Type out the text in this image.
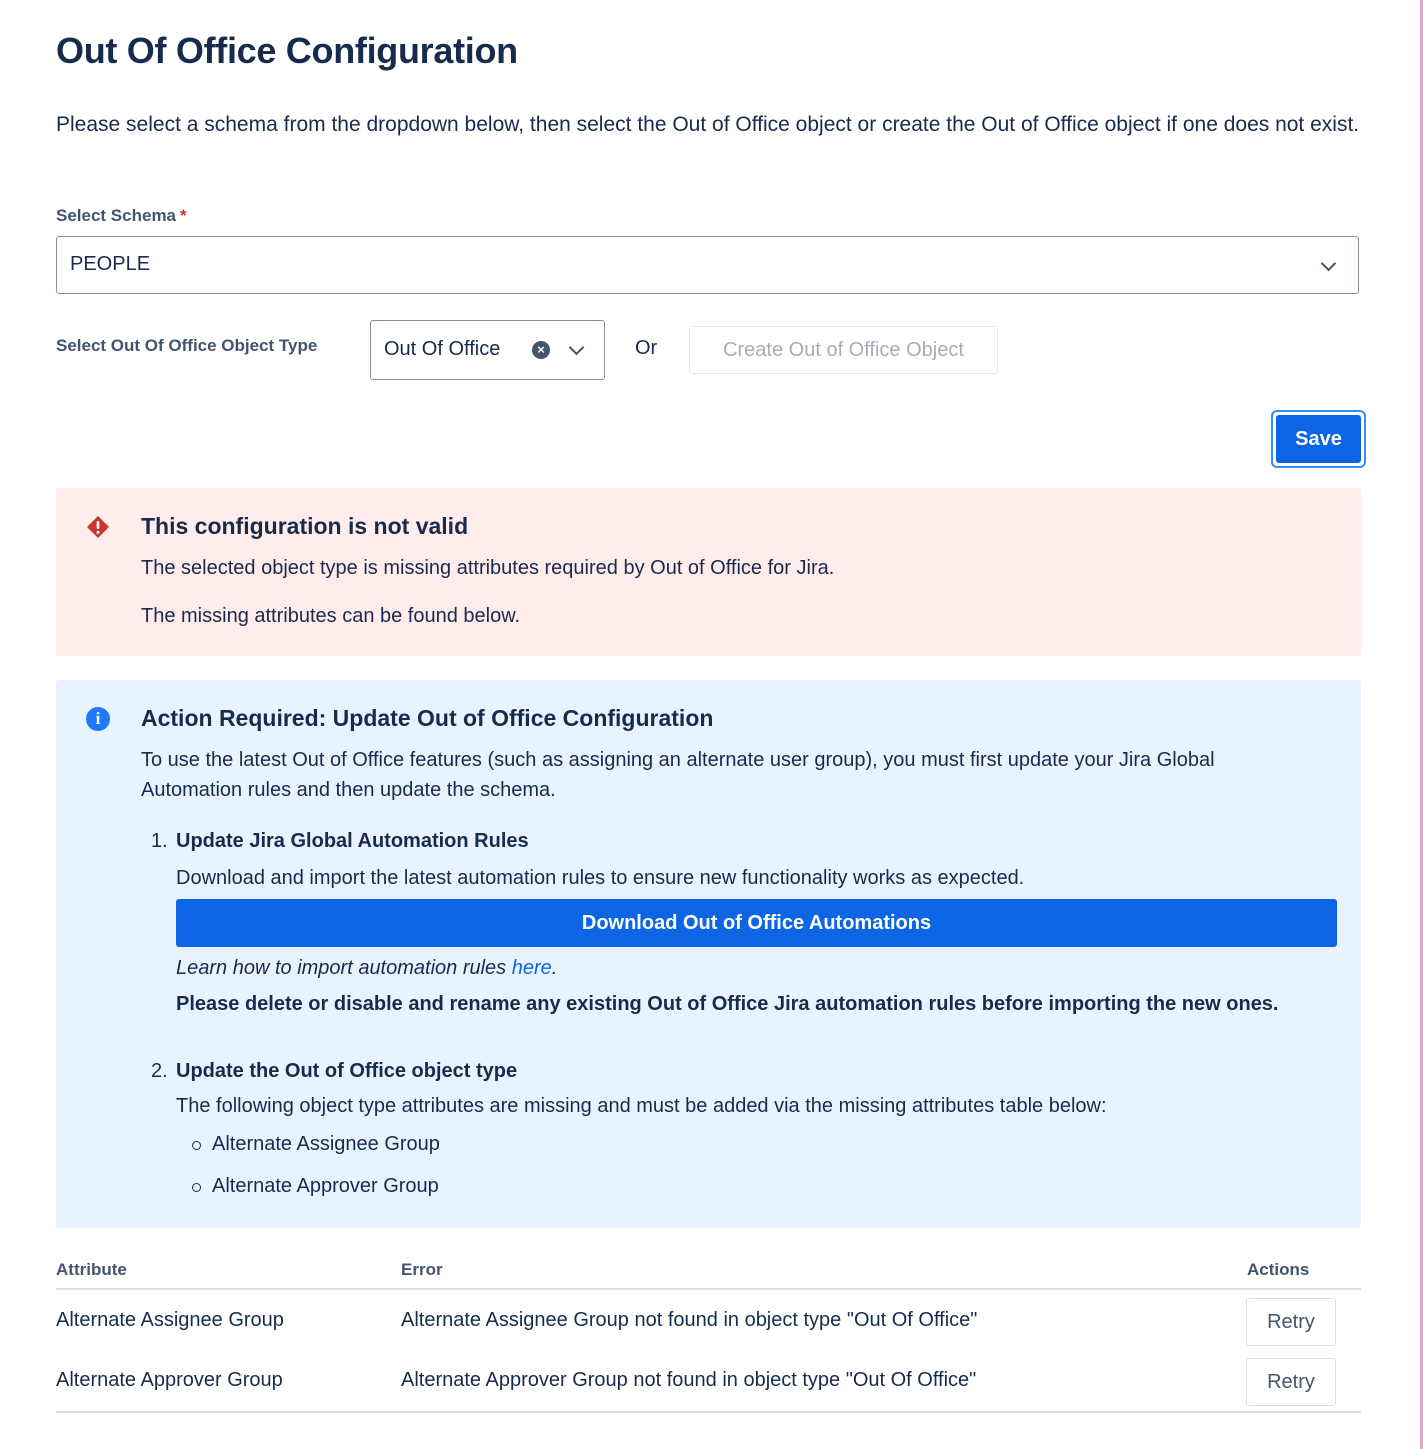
Out Of Office Configuration

Please select a schema from the dropdown below, then select the Out of Office object or create the Out of Office object if one does not exist.

Select Schema *
PEOPLE
Select Out Of Office Object Type	Out Of Office	×	Or	Create Out of Office Object
Save
This configuration is not valid
The selected object type is missing attributes required by Out of Office for Jira.
The missing attributes can be found below.
i	Action Required: Update Out of Office Configuration
To use the latest Out of Office features (such as assigning an alternate user group), you must first update your Jira Global Automation rules and then update the schema.
1. Update Jira Global Automation Rules
Download and import the latest automation rules to ensure new functionality works as expected.
Download Out of Office Automations
Learn how to import automation rules here.
Please delete or disable and rename any existing Out of Office Jira automation rules before importing the new ones.
2. Update the Out of Office object type
The following object type attributes are missing and must be added via the missing attributes table below:
Alternate Assignee Group
Alternate Approver Group
Attribute	Error	Actions
Alternate Assignee Group	Alternate Assignee Group not found in object type "Out Of Office"	Retry
Alternate Approver Group	Alternate Approver Group not found in object type "Out Of Office"	Retry
